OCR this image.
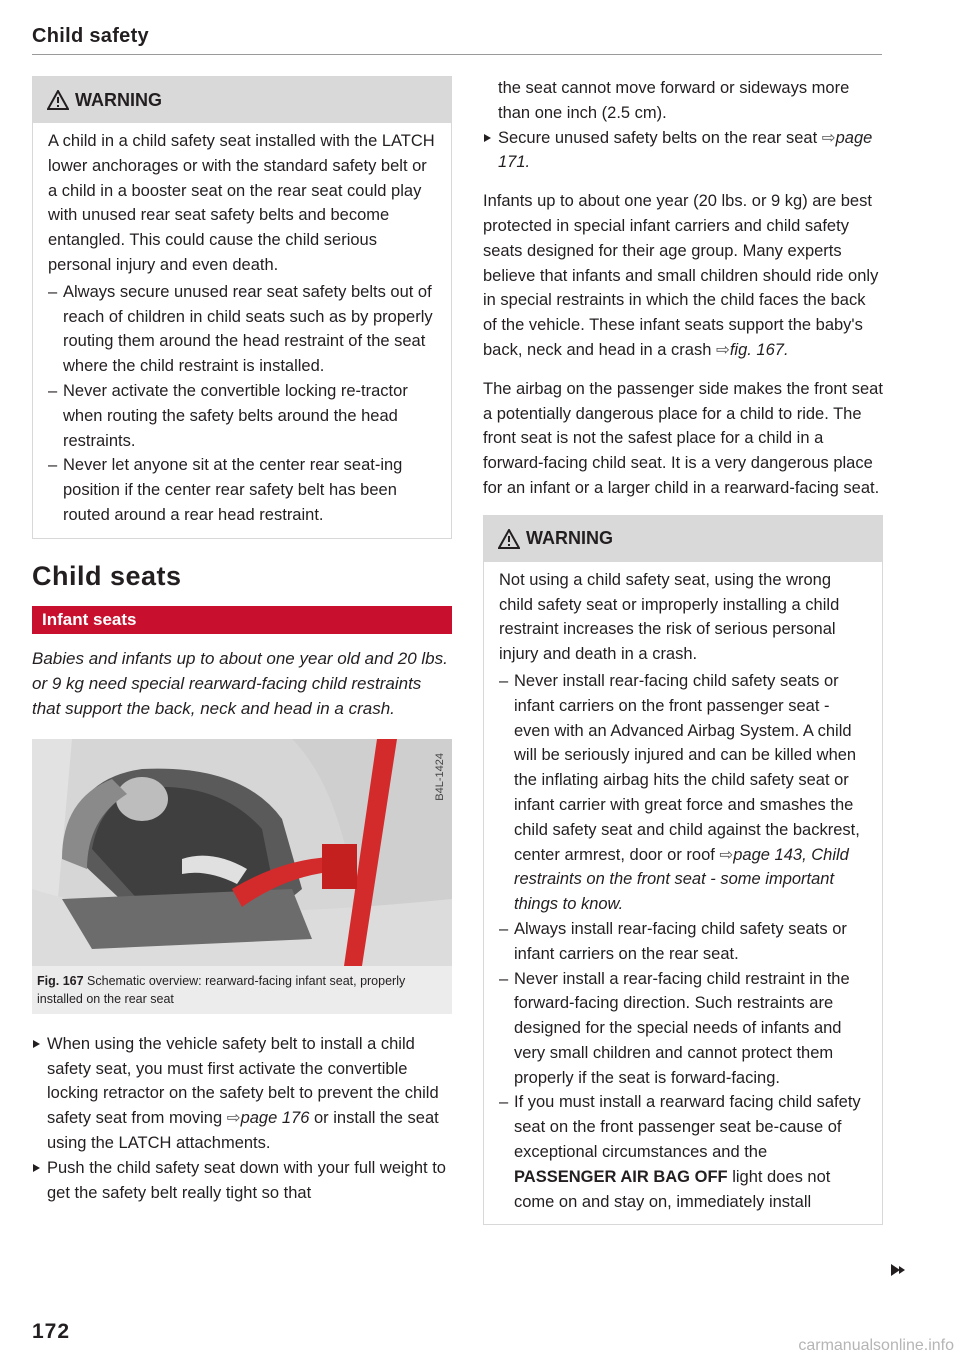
Child safety
WARNING

A child in a child safety seat installed with the LATCH lower anchorages or with the standard safety belt or a child in a booster seat on the rear seat could play with unused rear seat safety belts and become entangled. This could cause the child serious personal injury and even death.

– Always secure unused rear seat safety belts out of reach of children in child seats such as by properly routing them around the head restraint of the seat where the child restraint is installed.
– Never activate the convertible locking re-tractor when routing the safety belts around the head restraints.
– Never let anyone sit at the center rear seat-ing position if the center rear safety belt has been routed around a rear head restraint.
Child seats
Infant seats

Babies and infants up to about one year old and 20 lbs. or 9 kg need special rearward-facing child restraints that support the back, neck and head in a crash.

B4L-1424
Fig. 167 Schematic overview: rearward-facing infant seat, properly installed on the rear seat
When using the vehicle safety belt to install a child safety seat, you must first activate the convertible locking retractor on the safety belt to prevent the child safety seat from moving ⇨page 176 or install the seat using the LATCH attachments.
Push the child safety seat down with your full weight to get the safety belt really tight so that

the seat cannot move forward or sideways more than one inch (2.5 cm).

Secure unused safety belts on the rear seat ⇨page 171.

Infants up to about one year (20 lbs. or 9 kg) are best protected in special infant carriers and child safety seats designed for their age group. Many experts believe that infants and small children should ride only in special restraints in which the child faces the back of the vehicle. These infant seats support the baby's back, neck and head in a crash ⇨fig. 167.

The airbag on the passenger side makes the front seat a potentially dangerous place for a child to ride. The front seat is not the safest place for a child in a forward-facing child seat. It is a very dangerous place for an infant or a larger child in a rearward-facing seat.

WARNING

Not using a child safety seat, using the wrong child safety seat or improperly installing a child restraint increases the risk of serious personal injury and death in a crash.

– Never install rear-facing child safety seats or infant carriers on the front passenger seat - even with an Advanced Airbag System. A child will be seriously injured and can be killed when the inflating airbag hits the child safety seat or infant carrier with great force and smashes the child safety seat and child against the backrest, center armrest, door or roof ⇨page 143, Child restraints on the front seat - some important things to know.
– Always install rear-facing child safety seats or infant carriers on the rear seat.
– Never install a rear-facing child restraint in the forward-facing direction. Such restraints are designed for the special needs of infants and very small children and cannot protect them properly if the seat is forward-facing.
– If you must install a rearward facing child safety seat on the front passenger seat be-cause of exceptional circumstances and the PASSENGER AIR BAG OFF light does not come on and stay on, immediately install
172
carmanualsonline.info
